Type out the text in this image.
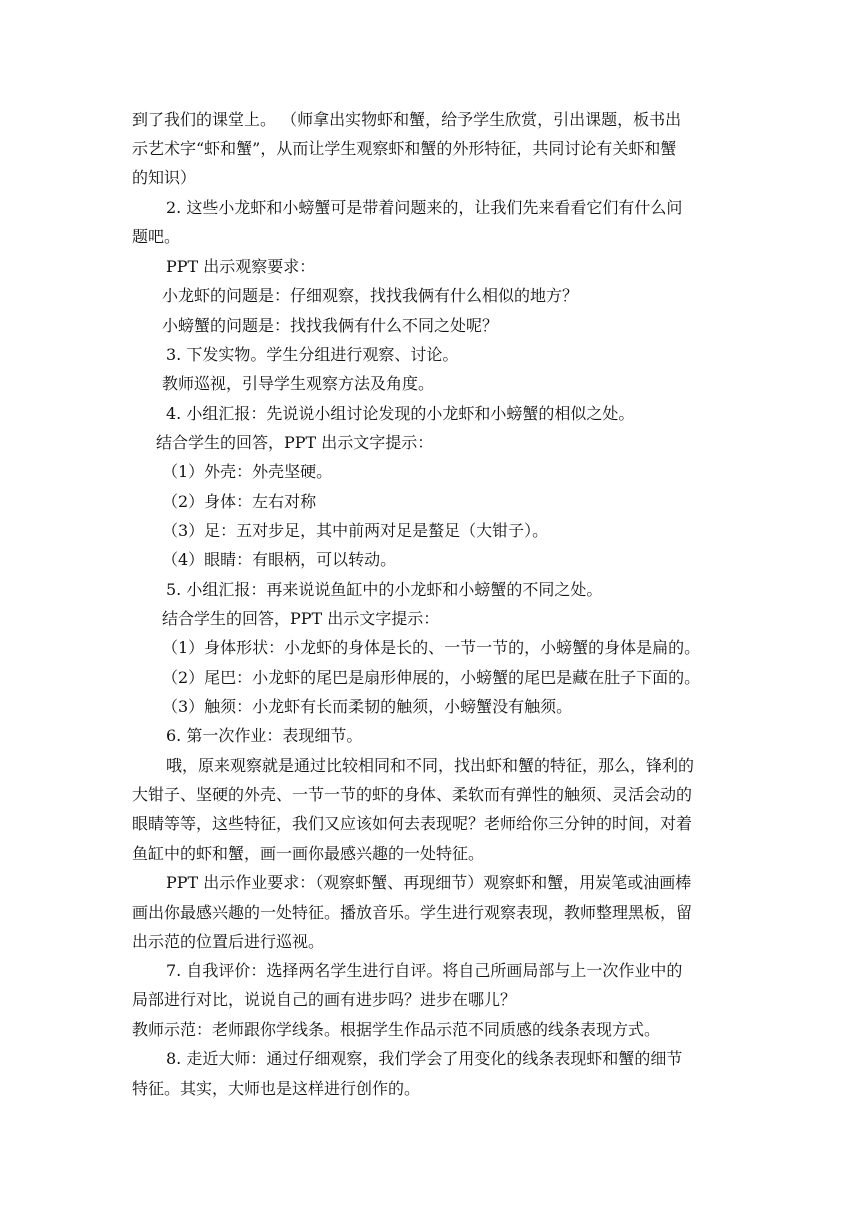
到了我们的课堂上。 （师拿出实物虾和蟹，给予学生欣赏，引出课题，板书出
示艺术字“虾和蟹”，从而让学生观察虾和蟹的外形特征，共同讨论有关虾和蟹
的知识）
2. 这些小龙虾和小螃蟹可是带着问题来的，让我们先来看看它们有什么问
题吧。
PPT 出示观察要求：
小龙虾的问题是：仔细观察，找找我俩有什么相似的地方？
小螃蟹的问题是：找找我俩有什么不同之处呢？
3. 下发实物。学生分组进行观察、讨论。
教师巡视，引导学生观察方法及角度。
4. 小组汇报：先说说小组讨论发现的小龙虾和小螃蟹的相似之处。
结合学生的回答，PPT 出示文字提示：
（1）外壳：外壳坚硬。
（2）身体：左右对称
（3）足：五对步足，其中前两对足是螯足（大钳子）。
（4）眼睛：有眼柄，可以转动。
5. 小组汇报：再来说说鱼缸中的小龙虾和小螃蟹的不同之处。
结合学生的回答，PPT 出示文字提示：
（1）身体形状：小龙虾的身体是长的、一节一节的，小螃蟹的身体是扁的。
（2）尾巴：小龙虾的尾巴是扇形伸展的，小螃蟹的尾巴是藏在肚子下面的。
（3）触须：小龙虾有长而柔韧的触须，小螃蟹没有触须。
6. 第一次作业：表现细节。
哦，原来观察就是通过比较相同和不同，找出虾和蟹的特征，那么，锋利的
大钳子、坚硬的外壳、一节一节的虾的身体、柔软而有弹性的触须、灵活会动的
眼睛等等，这些特征，我们又应该如何去表现呢？老师给你三分钟的时间，对着
鱼缸中的虾和蟹，画一画你最感兴趣的一处特征。
PPT 出示作业要求：（观察虾蟹、再现细节）观察虾和蟹，用炭笔或油画棒
画出你最感兴趣的一处特征。播放音乐。学生进行观察表现，教师整理黑板，留
出示范的位置后进行巡视。
7. 自我评价：选择两名学生进行自评。将自己所画局部与上一次作业中的
局部进行对比，说说自己的画有进步吗？进步在哪儿？
教师示范：老师跟你学线条。根据学生作品示范不同质感的线条表现方式。
8. 走近大师：通过仔细观察，我们学会了用变化的线条表现虾和蟹的细节
特征。其实，大师也是这样进行创作的。
